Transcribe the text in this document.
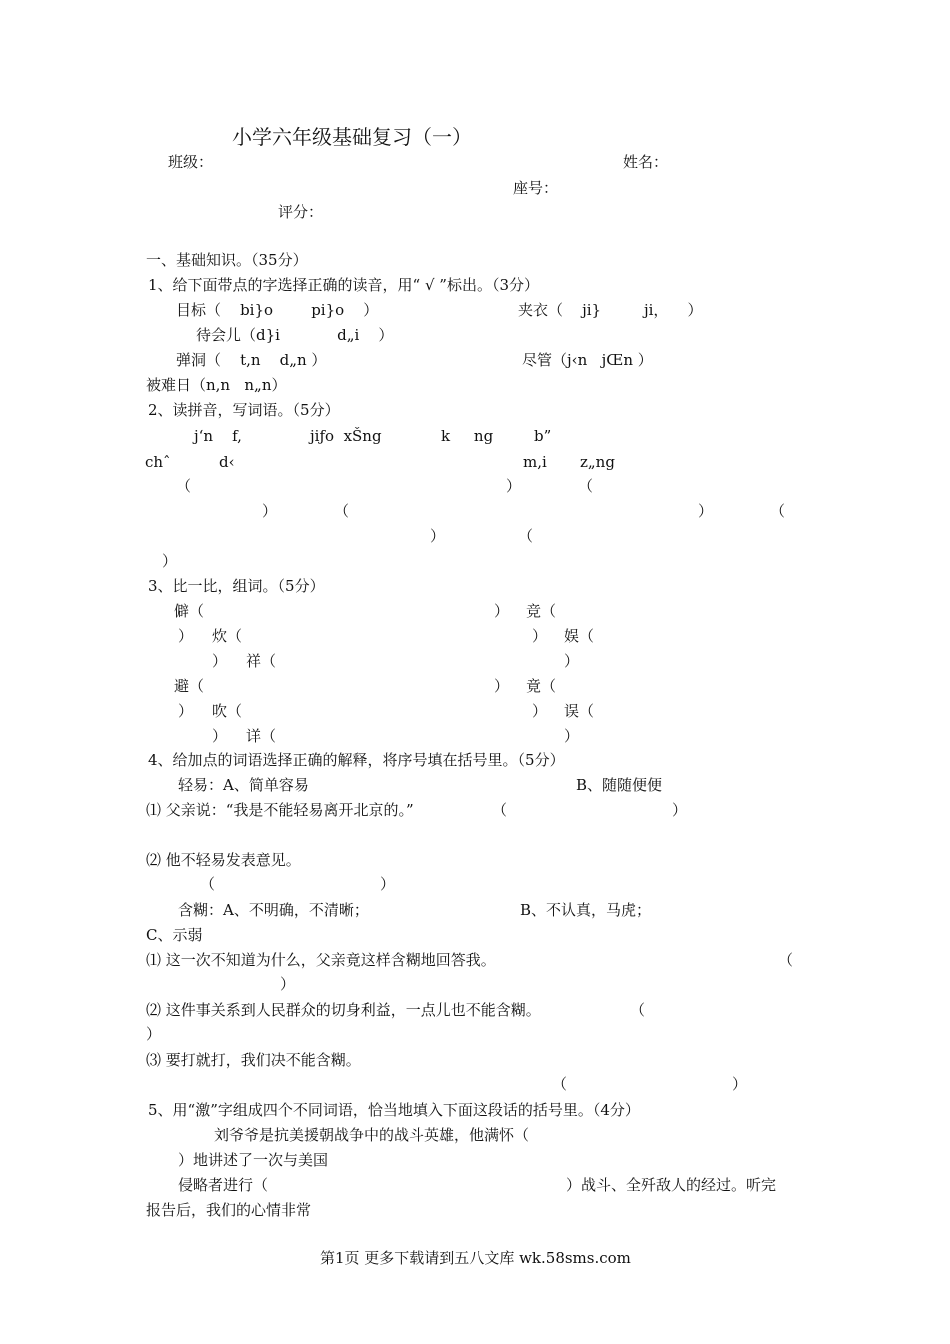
小学六年级基础复习（一）
班级：	姓名：
座号：
评分：
一、基础知识。（35分）
1、给下面带点的字选择正确的读音，用“ √ ”标出。（3分）
目标（    bi}o        pi}o    ）	夹衣（    ji}         ji，    ）
待会儿（d}i            d„i    ）
弹洞（    t,n    d„n ）	尽管（j‹n   jŒn ）
被难日（n,n   n„n）
2、读拼音，写词语。（5分）
j‘n    f,	jiƒo  xŠng	k     ng	b”
chˆ	d‹	m,i z„ng
（	）	（
）	（	）	（
）	（
）
3、比一比，组词。（5分）
僻（	） 竞（
） 炊（	） 娱（
） 祥（	）
避（	） 竟（
） 吹（	） 误（
） 详（	）
4、给加点的词语选择正确的解释，将序号填在括号里。（5分）
轻易：A、简单容易	B、随随便便
⑴ 父亲说：“我是不能轻易离开北京的。”	（	）
⑵ 他不轻易发表意见。
（	）
含糊：A、不明确，不清晰；	B、不认真，马虎；
C、示弱
⑴ 这一次不知道为什么，父亲竟这样含糊地回答我。	（
）
⑵ 这件事关系到人民群众的切身利益，一点儿也不能含糊。	（
）
⑶ 要打就打，我们决不能含糊。
（	）
5、用“激”字组成四个不同词语，恰当地填入下面这段话的括号里。（4分）
刘爷爷是抗美援朝战争中的战斗英雄，他满怀（
）地讲述了一次与美国
侵略者进行（	）战斗、全歼敌人的经过。听完
报告后，我们的心情非常
第1页 更多下载请到五八文库 wk.58sms.com
